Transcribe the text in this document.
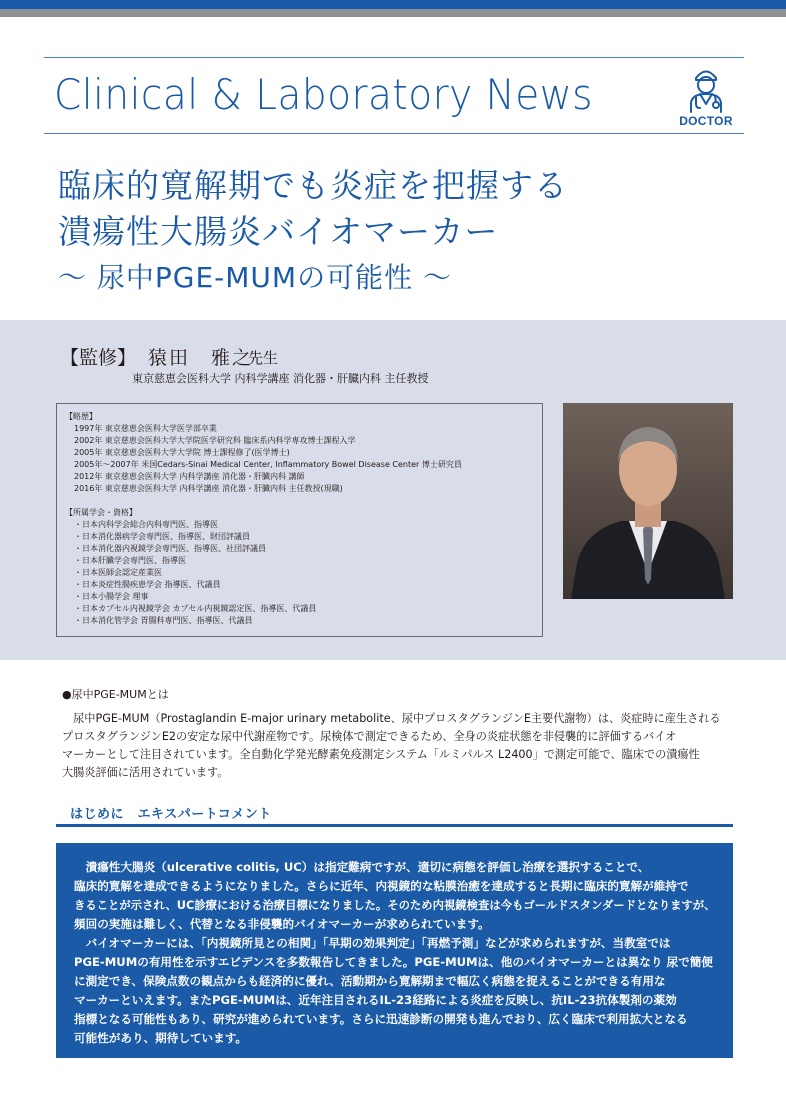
Clinical & Laboratory News
DOCTOR
臨床的寛解期でも炎症を把握する
潰瘍性大腸炎バイオマーカー
～ 尿中PGE-MUMの可能性 ～
【監修】 猿田　雅之
先生
東京慈恵会医科大学 内科学講座 消化器・肝臓内科 主任教授
【略歴】
1997年 東京慈恵会医科大学医学部卒業
2002年 東京慈恵会医科大学大学院医学研究科 臨床系内科学専攻博士課程入学
2005年 東京慈恵会医科大学大学院 博士課程修了(医学博士)
2005年～2007年 米国Cedars-Sinai Medical Center, Inflammatory Bowel Disease Center 博士研究員
2012年 東京慈恵会医科大学 内科学講座 消化器・肝臓内科 講師
2016年 東京慈恵会医科大学 内科学講座 消化器・肝臓内科 主任教授(現職)
【所属学会・資格】
・日本内科学会総合内科専門医、指導医
・日本消化器病学会専門医、指導医、財団評議員
・日本消化器内視鏡学会専門医、指導医、社団評議員
・日本肝臓学会専門医、指導医
・日本医師会認定産業医
・日本炎症性腸疾患学会 指導医、代議員
・日本小腸学会 理事
・日本カプセル内視鏡学会 カプセル内視鏡認定医、指導医、代議員
・日本消化管学会 胃腸科専門医、指導医、代議員
●尿中PGE-MUMとは
尿中PGE-MUM（Prostaglandin E-major urinary metabolite、尿中プロスタグランジンE主要代謝物）は、炎症時に産生される
プロスタグランジンE2の安定な尿中代謝産物です。尿検体で測定できるため、全身の炎症状態を非侵襲的に評価するバイオ
マーカーとして注目されています。全自動化学発光酵素免疫測定システム「ルミパルス L2400」で測定可能で、臨床での潰瘍性
大腸炎評価に活用されています。
はじめに　エキスパートコメント
　潰瘍性大腸炎（ulcerative colitis, UC）は指定難病ですが、適切に病態を評価し治療を選択することで、
臨床的寛解を達成できるようになりました。さらに近年、内視鏡的な粘膜治癒を達成すると長期に臨床的寛解が維持で
きることが示され、UC診療における治療目標になりました。そのため内視鏡検査は今もゴールドスタンダードとなりますが、
頻回の実施は難しく、代替となる非侵襲的バイオマーカーが求められています。
　バイオマーカーには、「内視鏡所見との相関」「早期の効果判定」「再燃予測」などが求められますが、当教室では
PGE-MUMの有用性を示すエビデンスを多数報告してきました。PGE-MUMは、他のバイオマーカーとは異なり 尿で簡便
に測定でき、保険点数の観点からも経済的に優れ、活動期から寛解期まで幅広く病態を捉えることができる有用な
マーカーといえます。またPGE-MUMは、近年注目されるIL-23経路による炎症を反映し、抗IL-23抗体製剤の薬効
指標となる可能性もあり、研究が進められています。さらに迅速診断の開発も進んでおり、広く臨床で利用拡大となる
可能性があり、期待しています。
